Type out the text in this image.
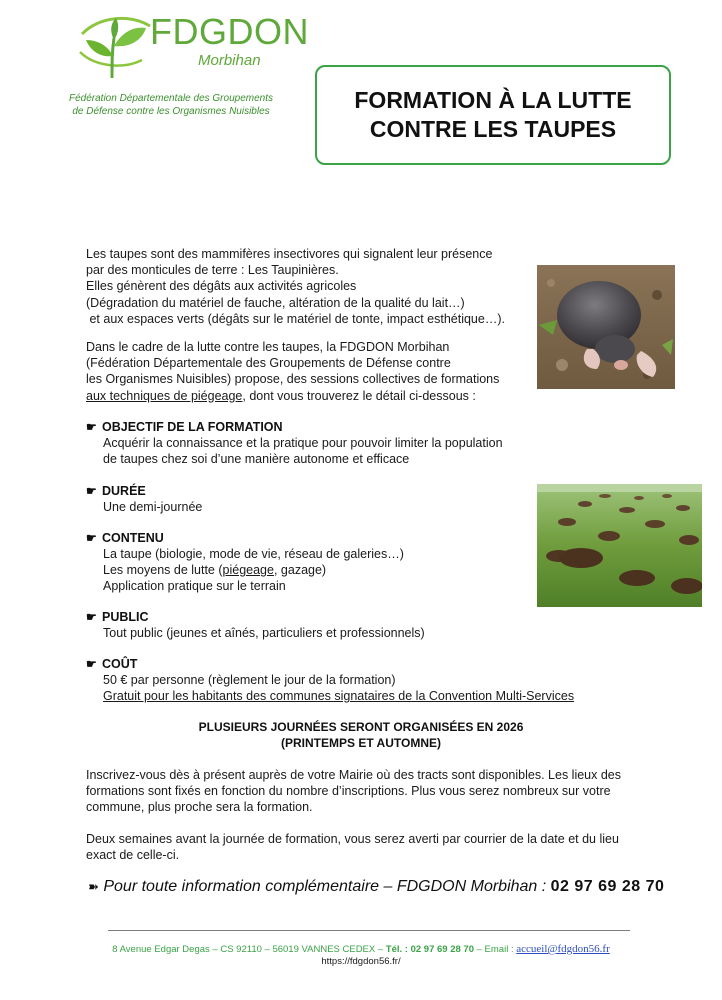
FDGDON
Morbihan
Fédération Départementale des Groupements
de Défense contre les Organismes Nuisibles	FORMATION À LA LUTTE
CONTRE LES TAUPES
Les taupes sont des mammifères insectivores qui signalent leur présence
par des monticules de terre : Les Taupinières.
Elles génèrent des dégâts aux activités agricoles
(Dégradation du matériel de fauche, altération de la qualité du lait…)
et aux espaces verts (dégâts sur le matériel de tonte, impact esthétique…).
Dans le cadre de la lutte contre les taupes, la FDGDON Morbihan
(Fédération Départementale des Groupements de Défense contre
les Organismes Nuisibles) propose, des sessions collectives de formations
aux techniques de piégeage, dont vous trouverez le détail ci-dessous :
☛ OBJECTIF DE LA FORMATION
Acquérir la connaissance et la pratique pour pouvoir limiter la population
de taupes chez soi d’une manière autonome et efficace
☛ DURÉE
Une demi-journée
☛ CONTENU
La taupe (biologie, mode de vie, réseau de galeries…)
Les moyens de lutte (piégeage, gazage)
Application pratique sur le terrain
☛ PUBLIC
Tout public (jeunes et aînés, particuliers et professionnels)
☛ COÛT
50 € par personne (règlement le jour de la formation)
Gratuit pour les habitants des communes signataires de la Convention Multi-Services
PLUSIEURS JOURNÉES SERONT ORGANISÉES EN 2026
(PRINTEMPS ET AUTOMNE)
Inscrivez-vous dès à présent auprès de votre Mairie où des tracts sont disponibles. Les lieux des
formations sont fixés en fonction du nombre d’inscriptions. Plus vous serez nombreux sur votre
commune, plus proche sera la formation.
Deux semaines avant la journée de formation, vous serez averti par courrier de la date et du lieu
exact de celle-ci.
➽ Pour toute information complémentaire – FDGDON Morbihan : 02 97 69 28 70
8 Avenue Edgar Degas – CS 92110 – 56019 VANNES CEDEX – Tél. : 02 97 69 28 70 – Email : accueil@fdgdon56.fr
https://fdgdon56.fr/
